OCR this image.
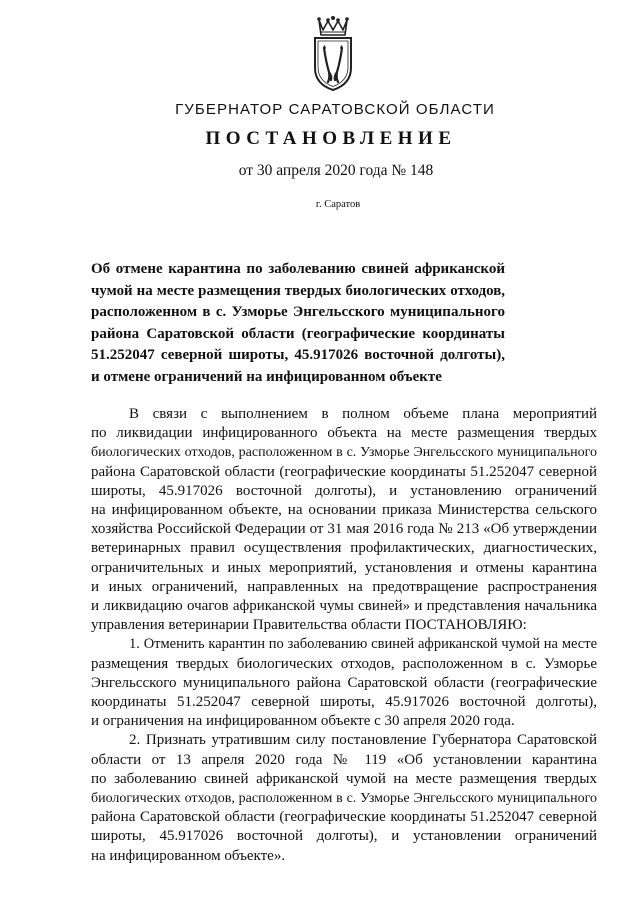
ГУБЕРНАТОР САРАТОВСКОЙ ОБЛАСТИ
ПОСТАНОВЛЕНИЕ
от 30 апреля 2020 года № 148
г. Саратов
Об отмене карантина по заболеванию свиней африканской
чумой на месте размещения твердых биологических отходов,
расположенном в с. Узморье Энгельсского муниципального
района Саратовской области (географические координаты
51.252047 северной широты, 45.917026 восточной долготы),
и отмене ограничений на инфицированном объекте
В связи с выполнением в полном объеме плана мероприятий
по ликвидации инфицированного объекта на месте размещения твердых
биологических отходов, расположенном в с. Узморье Энгельсского муниципального
района Саратовской области (географические координаты 51.252047 северной
широты, 45.917026 восточной долготы), и установлению ограничений
на инфицированном объекте, на основании приказа Министерства сельского
хозяйства Российской Федерации от 31 мая 2016 года № 213 «Об утверждении
ветеринарных правил осуществления профилактических, диагностических,
ограничительных и иных мероприятий, установления и отмены карантина
и иных ограничений, направленных на предотвращение распространения
и ликвидацию очагов африканской чумы свиней» и представления начальника
управления ветеринарии Правительства области ПОСТАНОВЛЯЮ:
1. Отменить карантин по заболеванию свиней африканской чумой на месте
размещения твердых биологических отходов, расположенном в с. Узморье
Энгельсского муниципального района Саратовской области (географические
координаты 51.252047 северной широты, 45.917026 восточной долготы),
и ограничения на инфицированном объекте с 30 апреля 2020 года.
2. Признать утратившим силу постановление Губернатора Саратовской
области от 13 апреля 2020 года № 119 «Об установлении карантина
по заболеванию свиней африканской чумой на месте размещения твердых
биологических отходов, расположенном в с. Узморье Энгельсского муниципального
района Саратовской области (географические координаты 51.252047 северной
широты, 45.917026 восточной долготы), и установлении ограничений
на инфицированном объекте».
